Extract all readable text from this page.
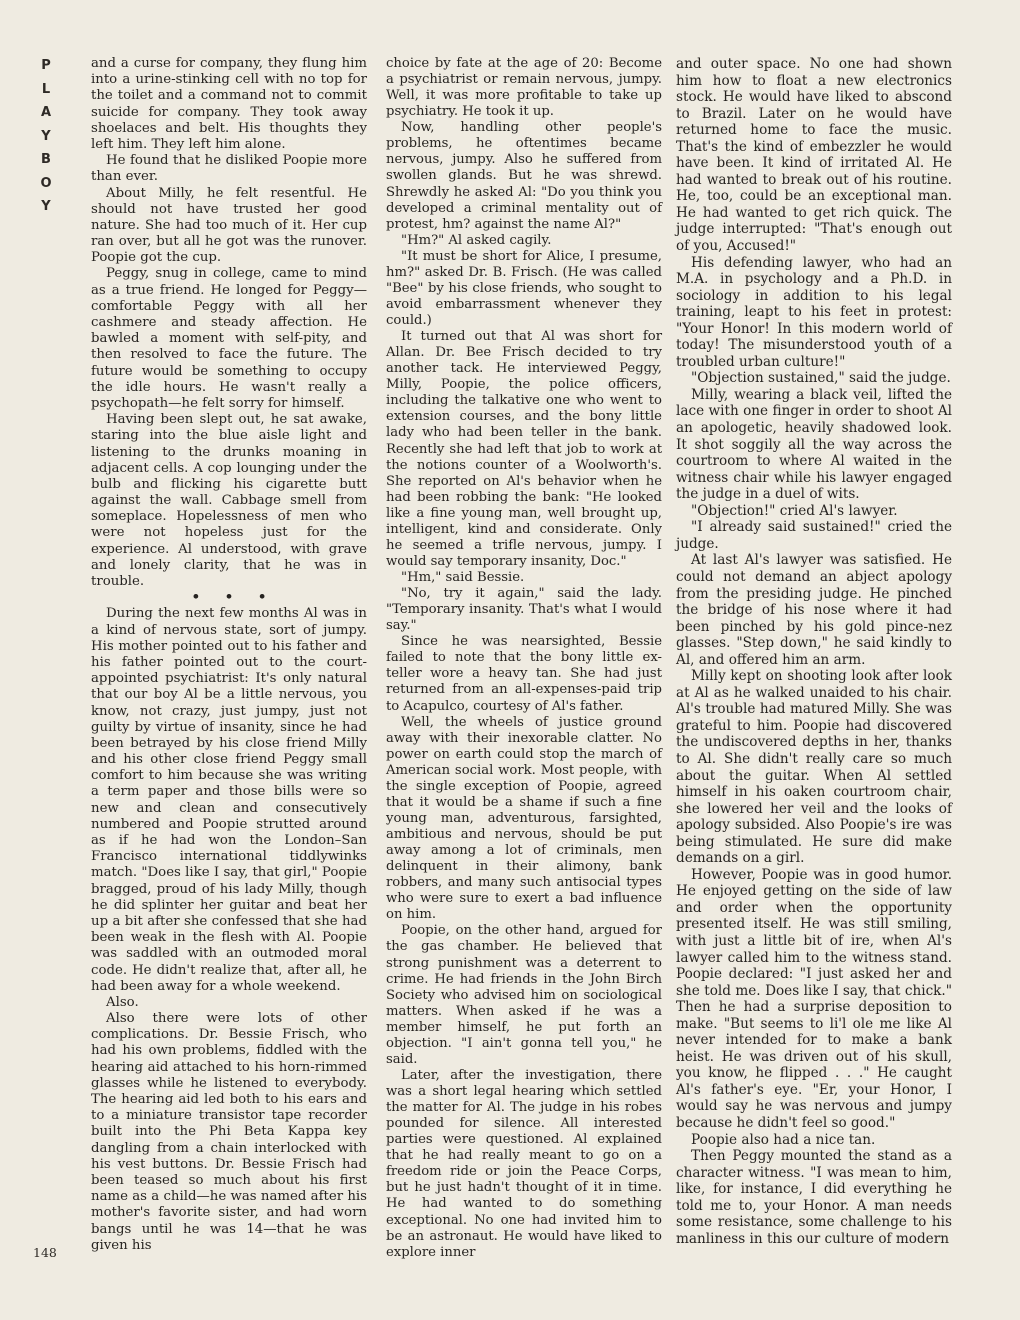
P
L
A
Y
B
O
Y

and a curse for company, they flung him into a urine-stinking cell with no top for the toilet and a command not to commit suicide for company. They took away shoelaces and belt. His thoughts they left him. They left him alone.

He found that he disliked Poopie more than ever.

About Milly, he felt resentful. He should not have trusted her good nature. She had too much of it. Her cup ran over, but all he got was the runover. Poopie got the cup.

Peggy, snug in college, came to mind as a true friend. He longed for Peggy—comfortable Peggy with all her cashmere and steady affection. He bawled a moment with self-pity, and then resolved to face the future. The future would be something to occupy the idle hours. He wasn't really a psychopath—he felt sorry for himself.

Having been slept out, he sat awake, staring into the blue aisle light and listening to the drunks moaning in adjacent cells. A cop lounging under the bulb and flicking his cigarette butt against the wall. Cabbage smell from someplace. Hopelessness of men who were not hopeless just for the experience. Al understood, with grave and lonely clarity, that he was in trouble.

• • •

During the next few months Al was in a kind of nervous state, sort of jumpy. His mother pointed out to his father and his father pointed out to the court-appointed psychiatrist: It's only natural that our boy Al be a little nervous, you know, not crazy, just jumpy, just not guilty by virtue of insanity, since he had been betrayed by his close friend Milly and his other close friend Peggy small comfort to him because she was writing a term paper and those bills were so new and clean and consecutively numbered and Poopie strutted around as if he had won the London–San Francisco international tiddlywinks match. "Does like I say, that girl," Poopie bragged, proud of his lady Milly, though he did splinter her guitar and beat her up a bit after she confessed that she had been weak in the flesh with Al. Poopie was saddled with an outmoded moral code. He didn't realize that, after all, he had been away for a whole weekend.

Also.

Also there were lots of other complications. Dr. Bessie Frisch, who had his own problems, fiddled with the hearing aid attached to his horn-rimmed glasses while he listened to everybody. The hearing aid led both to his ears and to a miniature transistor tape recorder built into the Phi Beta Kappa key dangling from a chain interlocked with his vest buttons. Dr. Bessie Frisch had been teased so much about his first name as a child—he was named after his mother's favorite sister, and had worn bangs until he was 14—that he was given his

choice by fate at the age of 20: Become a psychiatrist or remain nervous, jumpy. Well, it was more profitable to take up psychiatry. He took it up.

Now, handling other people's problems, he oftentimes became nervous, jumpy. Also he suffered from swollen glands. But he was shrewd. Shrewdly he asked Al: "Do you think you developed a criminal mentality out of protest, hm? against the name Al?"

"Hm?" Al asked cagily.

"It must be short for Alice, I presume, hm?" asked Dr. B. Frisch. (He was called "Bee" by his close friends, who sought to avoid embarrassment whenever they could.)

It turned out that Al was short for Allan. Dr. Bee Frisch decided to try another tack. He interviewed Peggy, Milly, Poopie, the police officers, including the talkative one who went to extension courses, and the bony little lady who had been teller in the bank. Recently she had left that job to work at the notions counter of a Woolworth's. She reported on Al's behavior when he had been robbing the bank: "He looked like a fine young man, well brought up, intelligent, kind and considerate. Only he seemed a trifle nervous, jumpy. I would say temporary insanity, Doc."

"Hm," said Bessie.

"No, try it again," said the lady. "Temporary insanity. That's what I would say."

Since he was nearsighted, Bessie failed to note that the bony little ex-teller wore a heavy tan. She had just returned from an all-expenses-paid trip to Acapulco, courtesy of Al's father.

Well, the wheels of justice ground away with their inexorable clatter. No power on earth could stop the march of American social work. Most people, with the single exception of Poopie, agreed that it would be a shame if such a fine young man, adventurous, farsighted, ambitious and nervous, should be put away among a lot of criminals, men delinquent in their alimony, bank robbers, and many such antisocial types who were sure to exert a bad influence on him.

Poopie, on the other hand, argued for the gas chamber. He believed that strong punishment was a deterrent to crime. He had friends in the John Birch Society who advised him on sociological matters. When asked if he was a member himself, he put forth an objection. "I ain't gonna tell you," he said.

Later, after the investigation, there was a short legal hearing which settled the matter for Al. The judge in his robes pounded for silence. All interested parties were questioned. Al explained that he had really meant to go on a freedom ride or join the Peace Corps, but he just hadn't thought of it in time. He had wanted to do something exceptional. No one had invited him to be an astronaut. He would have liked to explore inner

and outer space. No one had shown him how to float a new electronics stock. He would have liked to abscond to Brazil. Later on he would have returned home to face the music. That's the kind of embezzler he would have been. It kind of irritated Al. He had wanted to break out of his routine. He, too, could be an exceptional man. He had wanted to get rich quick. The judge interrupted: "That's enough out of you, Accused!"

His defending lawyer, who had an M.A. in psychology and a Ph.D. in sociology in addition to his legal training, leapt to his feet in protest: "Your Honor! In this modern world of today! The misunderstood youth of a troubled urban culture!"

"Objection sustained," said the judge.

Milly, wearing a black veil, lifted the lace with one finger in order to shoot Al an apologetic, heavily shadowed look. It shot soggily all the way across the courtroom to where Al waited in the witness chair while his lawyer engaged the judge in a duel of wits.

"Objection!" cried Al's lawyer.

"I already said sustained!" cried the judge.

At last Al's lawyer was satisfied. He could not demand an abject apology from the presiding judge. He pinched the bridge of his nose where it had been pinched by his gold pince-nez glasses. "Step down," he said kindly to Al, and offered him an arm.

Milly kept on shooting look after look at Al as he walked unaided to his chair. Al's trouble had matured Milly. She was grateful to him. Poopie had discovered the undiscovered depths in her, thanks to Al. She didn't really care so much about the guitar. When Al settled himself in his oaken courtroom chair, she lowered her veil and the looks of apology subsided. Also Poopie's ire was being stimulated. He sure did make demands on a girl.

However, Poopie was in good humor. He enjoyed getting on the side of law and order when the opportunity presented itself. He was still smiling, with just a little bit of ire, when Al's lawyer called him to the witness stand. Poopie declared: "I just asked her and she told me. Does like I say, that chick." Then he had a surprise deposition to make. "But seems to li'l ole me like Al never intended for to make a bank heist. He was driven out of his skull, you know, he flipped . . ." He caught Al's father's eye. "Er, your Honor, I would say he was nervous and jumpy because he didn't feel so good."

Poopie also had a nice tan.

Then Peggy mounted the stand as a character witness. "I was mean to him, like, for instance, I did everything he told me to, your Honor. A man needs some resistance, some challenge to his manliness in this our culture of modern

148
